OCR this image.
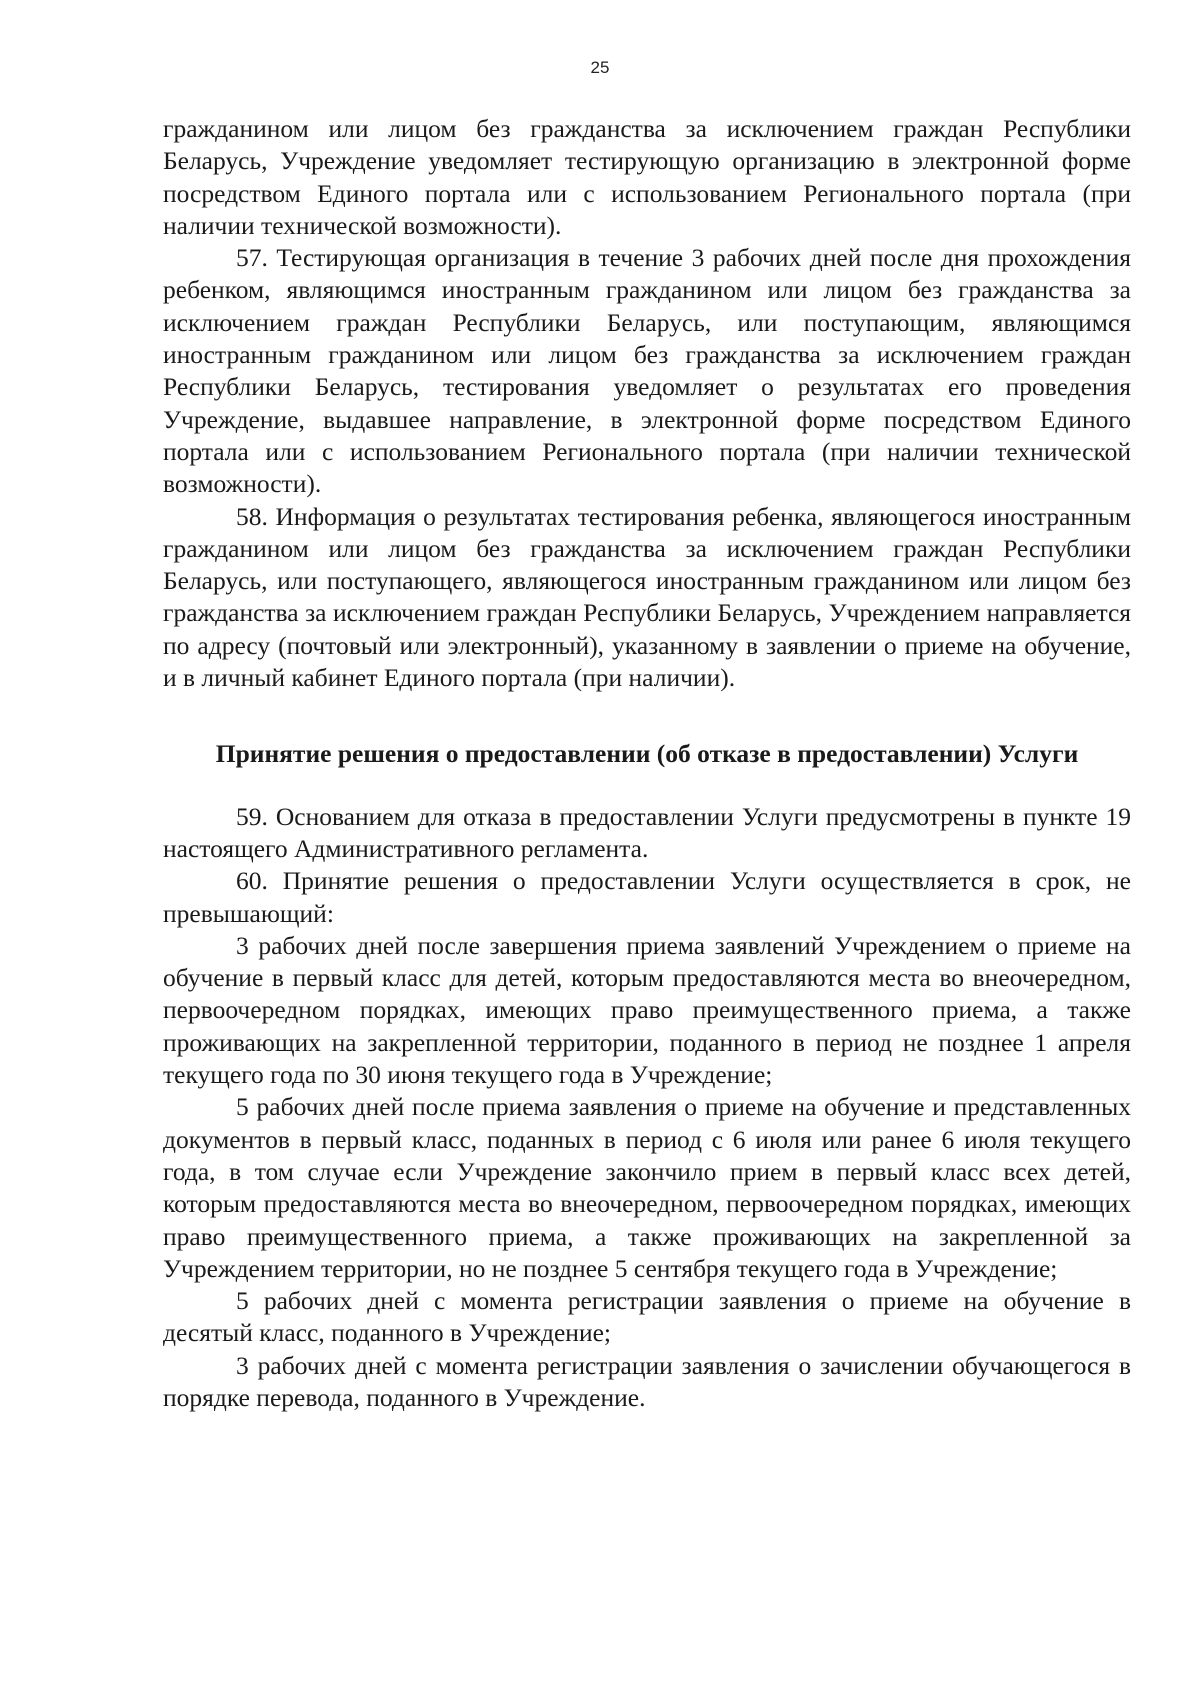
25

гражданином или лицом без гражданства за исключением граждан Республики Беларусь, Учреждение уведомляет тестирующую организацию в электронной форме посредством Единого портала или с использованием Регионального портала (при наличии технической возможности).

57. Тестирующая организация в течение 3 рабочих дней после дня прохождения ребенком, являющимся иностранным гражданином или лицом без гражданства за исключением граждан Республики Беларусь, или поступающим, являющимся иностранным гражданином или лицом без гражданства за исключением граждан Республики Беларусь, тестирования уведомляет о результатах его проведения Учреждение, выдавшее направление, в электронной форме посредством Единого портала или с использованием Регионального портала (при наличии технической возможности).

58. Информация о результатах тестирования ребенка, являющегося иностранным гражданином или лицом без гражданства за исключением граждан Республики Беларусь, или поступающего, являющегося иностранным гражданином или лицом без гражданства за исключением граждан Республики Беларусь, Учреждением направляется по адресу (почтовый или электронный), указанному в заявлении о приеме на обучение, и в личный кабинет Единого портала (при наличии).

Принятие решения о предоставлении (об отказе в предоставлении) Услуги

59. Основанием для отказа в предоставлении Услуги предусмотрены в пункте 19 настоящего Административного регламента.

60. Принятие решения о предоставлении Услуги осуществляется в срок, не превышающий:

3 рабочих дней после завершения приема заявлений Учреждением о приеме на обучение в первый класс для детей, которым предоставляются места во внеочередном, первоочередном порядках, имеющих право преимущественного приема, а также проживающих на закрепленной территории, поданного в период не позднее 1 апреля текущего года по 30 июня текущего года в Учреждение;

5 рабочих дней после приема заявления о приеме на обучение и представленных документов в первый класс, поданных в период с 6 июля или ранее 6 июля текущего года, в том случае если Учреждение закончило прием в первый класс всех детей, которым предоставляются места во внеочередном, первоочередном порядках, имеющих право преимущественного приема, а также проживающих на закрепленной за Учреждением территории, но не позднее 5 сентября текущего года в Учреждение;

5 рабочих дней с момента регистрации заявления о приеме на обучение в десятый класс, поданного в Учреждение;

3 рабочих дней с момента регистрации заявления о зачислении обучающегося в порядке перевода, поданного в Учреждение.
